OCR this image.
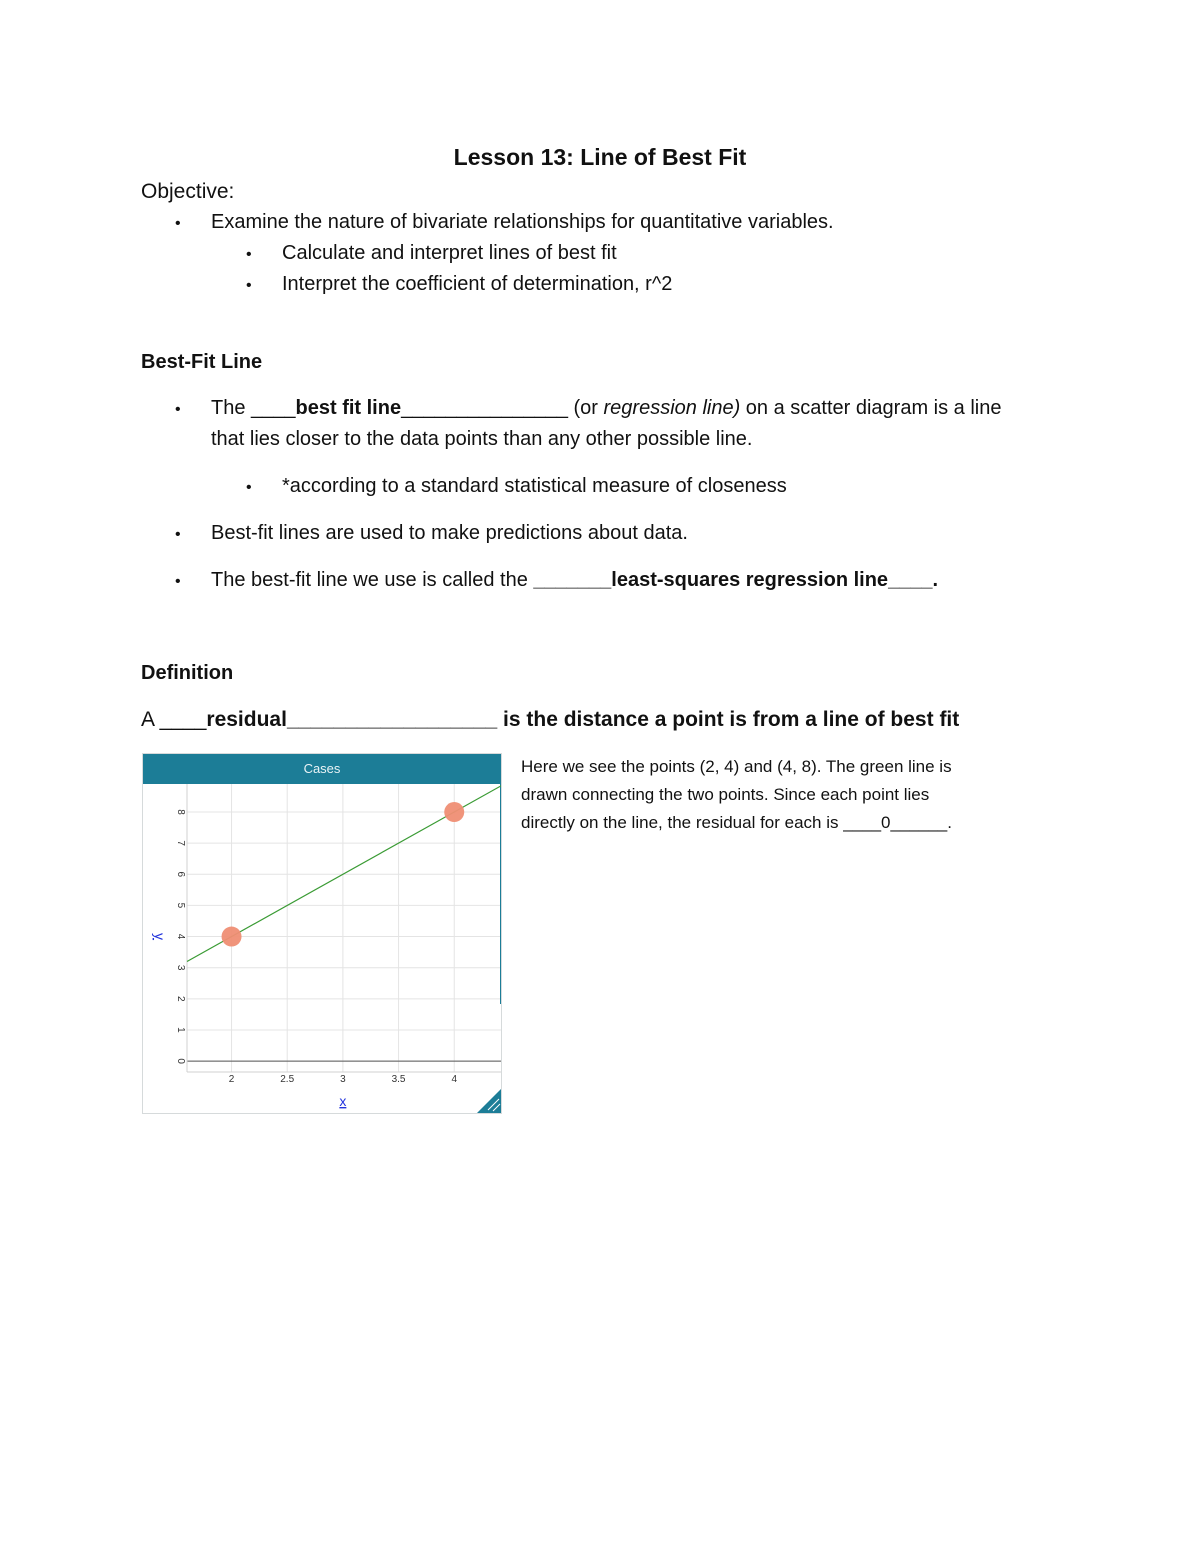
Lesson 13: Line of Best Fit
Objective:
• Examine the nature of bivariate relationships for quantitative variables.
• Calculate and interpret lines of best fit
• Interpret the coefficient of determination, r^2
Best-Fit Line
• The ____best fit line_______________ (or regression line) on a scatter diagram is a line
that lies closer to the data points than any other possible line.
• *according to a standard statistical measure of closeness
• Best-fit lines are used to make predictions about data.
• The best-fit line we use is called the _______least-squares regression line____.
Definition
A ____residual__________________ is the distance a point is from a line of best fit
2	2.5	3	3.5	4
0
1
2
3
4
5
6
7
8
x
y
Cases	Here we see the points (2, 4) and (4, 8). The green line is
drawn connecting the two points. Since each point lies
directly on the line, the residual for each is ____0______.
